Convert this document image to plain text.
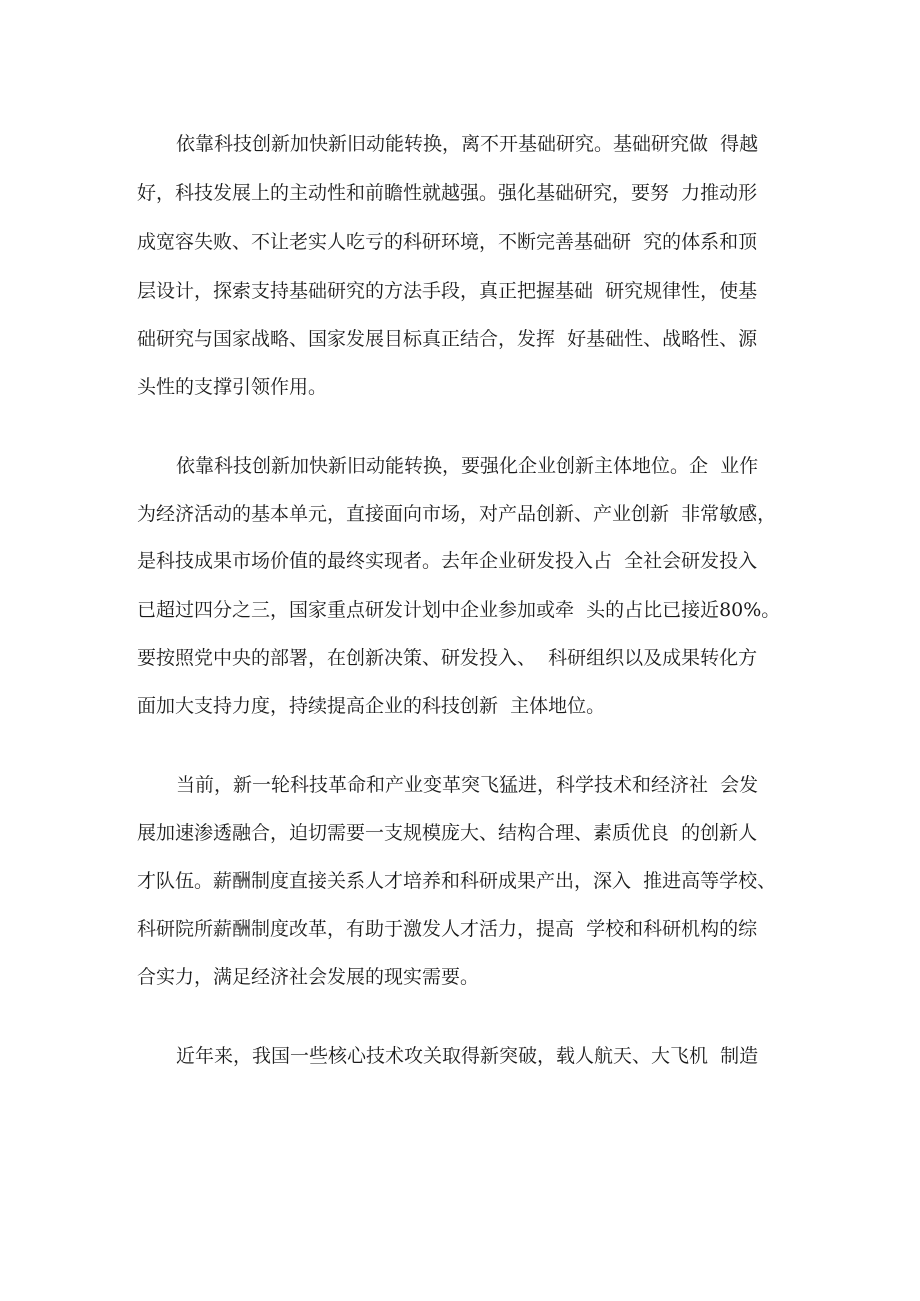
依靠科技创新加快新旧动能转换，离不开基础研究。基础研究做  得越

好，科技发展上的主动性和前瞻性就越强。强化基础研究，要努  力推动形

成宽容失败、不让老实人吃亏的科研环境，不断完善基础研  究的体系和顶

层设计，探索支持基础研究的方法手段，真正把握基础  研究规律性，使基

础研究与国家战略、国家发展目标真正结合，发挥  好基础性、战略性、源

头性的支撑引领作用。

依靠科技创新加快新旧动能转换，要强化企业创新主体地位。企  业作

为经济活动的基本单元，直接面向市场，对产品创新、产业创新  非常敏感，

是科技成果市场价值的最终实现者。去年企业研发投入占  全社会研发投入

已超过四分之三，国家重点研发计划中企业参加或牵  头的占比已接近80%。

要按照党中央的部署，在创新决策、研发投入、  科研组织以及成果转化方

面加大支持力度，持续提高企业的科技创新  主体地位。

当前，新一轮科技革命和产业变革突飞猛进，科学技术和经济社  会发

展加速渗透融合，迫切需要一支规模庞大、结构合理、素质优良  的创新人

才队伍。薪酬制度直接关系人才培养和科研成果产出，深入  推进高等学校、

科研院所薪酬制度改革，有助于激发人才活力，提高  学校和科研机构的综

合实力，满足经济社会发展的现实需要。

近年来，我国一些核心技术攻关取得新突破，载人航天、大飞机  制造
